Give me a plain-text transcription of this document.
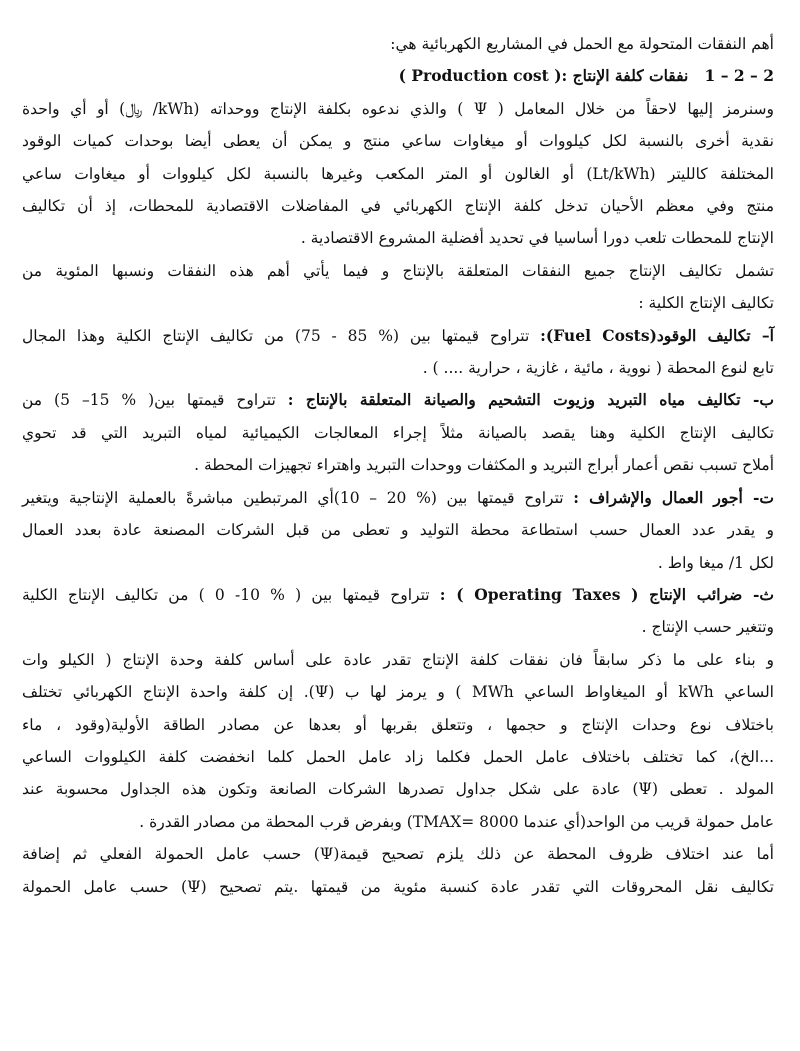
أهم النفقات المتحولة مع الحمل في المشاريع الكهربائية هي:

2 – 2 – 1   نفقات كلفة الإنتاج ( Production cost ):

وسنرمز إليها لاحقاً من خلال المعامل ( Ψ ) والذي ندعوه بكلفة الإنتاج ووحداته (kWh/ ﷼) أو أي واحدة

نقدية أخرى بالنسبة لكل كيلووات أو ميغاوات ساعي منتج و يمكن أن يعطى أيضا بوحدات كميات الوقود

المختلفة كالليتر (Lt/kWh) أو الغالون أو المتر المكعب وغيرها بالنسبة لكل كيلووات أو ميغاوات ساعي

منتج وفي معظم الأحيان تدخل كلفة الإنتاج الكهربائي في المفاضلات الاقتصادية للمحطات، إذ أن تكاليف

الإنتاج للمحطات تلعب دورا أساسيا في تحديد أفضلية المشروع الاقتصادية .

تشمل تكاليف الإنتاج جميع النفقات المتعلقة بالإنتاج و فيما يأتي أهم هذه النفقات ونسبها المئوية من

تكاليف الإنتاج الكلية :

آ– تكاليف الوقود(Fuel Costs): تتراوح قيمتها بين (% 85 - 75) من تكاليف الإنتاج الكلية وهذا المجال

تابع لنوع المحطة ( نووية ، مائية ، غازية ، حرارية .... ) .

ب- تكاليف مياه التبريد وزيوت التشحيم والصيانة المتعلقة بالإنتاج : تتراوح قيمتها بين( % 15– 5) من

تكاليف الإنتاج الكلية وهنا يقصد بالصيانة مثلاً إجراء المعالجات الكيميائية لمياه التبريد التي قد تحوي

أملاح تسبب نقص أعمار أبراج التبريد و المكثفات ووحدات التبريد واهتراء تجهيزات المحطة .

ت- أجور العمال والإشراف : تتراوح قيمتها بين (% 20 – 10)أي المرتبطين مباشرةً بالعملية الإنتاجية ويتغير

و يقدر عدد العمال حسب استطاعة محطة التوليد و تعطى من قبل الشركات المصنعة عادة بعدد العمال

لكل 1/ ميغا واط .

ث- ضرائب الإنتاج ( Operating Taxes ) : تتراوح قيمتها بين ( % 10- 0 ) من تكاليف الإنتاج الكلية

وتتغير حسب الإنتاج .

و بناء على ما ذكر سابقاً فان نفقات كلفة الإنتاج تقدر عادة على أساس كلفة وحدة الإنتاج ( الكيلو وات

الساعي kWh أو الميغاواط الساعي MWh ) و يرمز لها ب (Ψ). إن كلفة واحدة الإنتاج الكهربائي تختلف

باختلاف نوع وحدات الإنتاج و حجمها ، وتتعلق بقربها أو بعدها عن مصادر الطاقة الأولية(وقود ، ماء

...الخ)، كما تختلف باختلاف عامل الحمل فكلما زاد عامل الحمل كلما انخفضت كلفة الكيلووات الساعي

المولد . تعطى (Ψ) عادة على شكل جداول تصدرها الشركات الصانعة وتكون هذه الجداول محسوبة عند

عامل حمولة قريب من الواحد(أي عندما TMAX= 8000) وبفرض قرب المحطة من مصادر القدرة .

أما عند اختلاف ظروف المحطة عن ذلك يلزم تصحيح قيمة(Ψ) حسب عامل الحمولة الفعلي ثم إضافة

تكاليف نقل المحروقات التي تقدر عادة كنسبة مئوية من قيمتها .يتم تصحيح (Ψ) حسب عامل الحمولة
